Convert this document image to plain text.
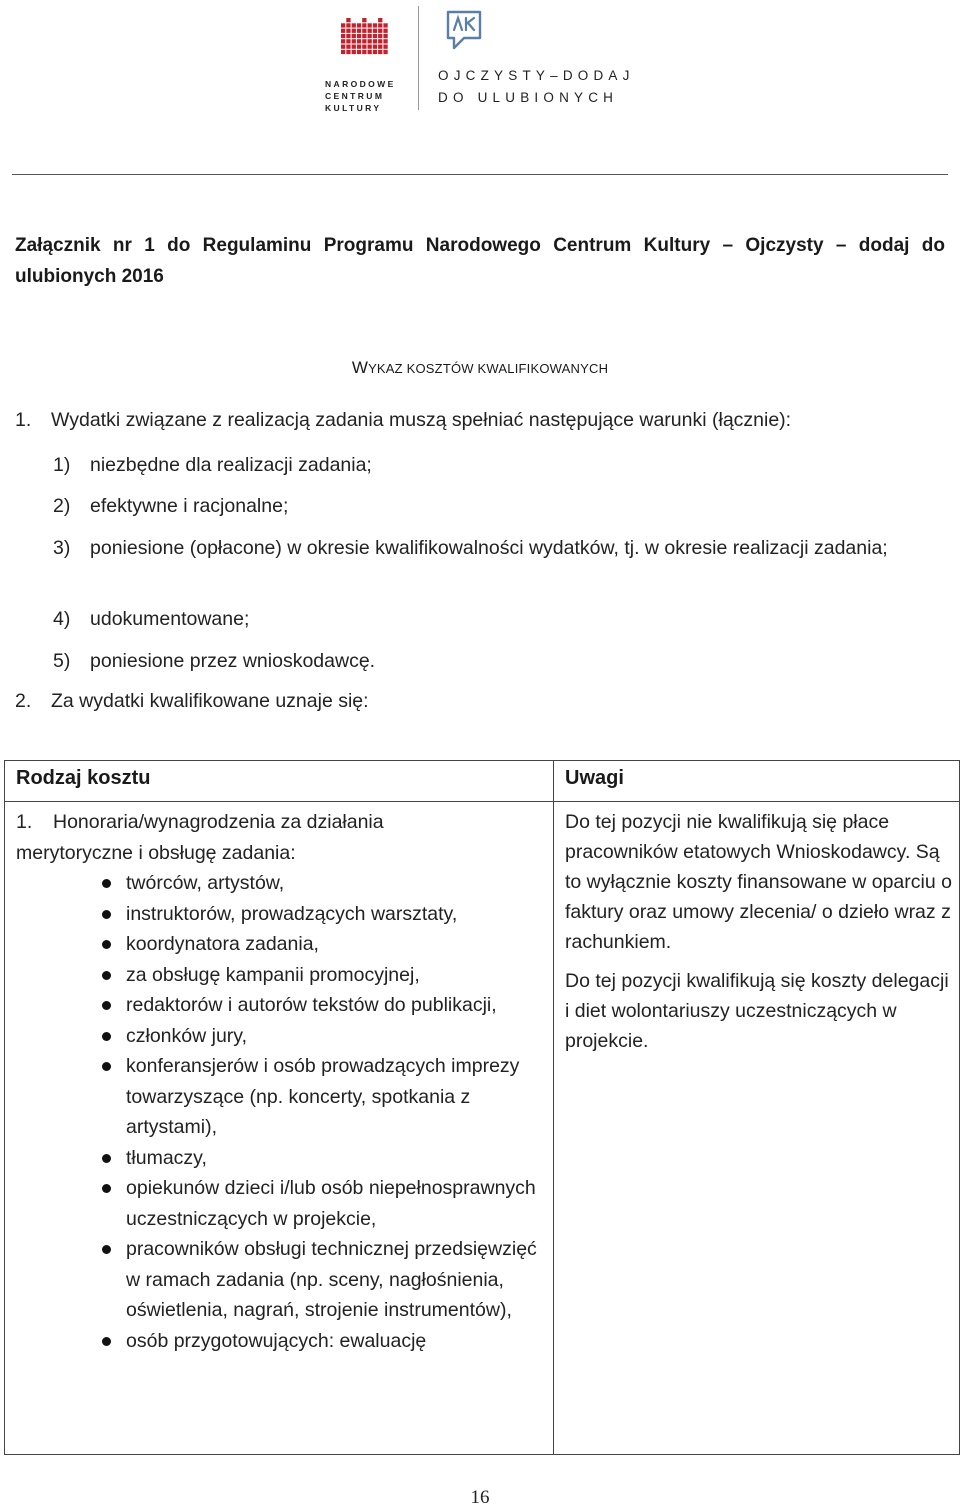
NARODOWE
CENTRUM
KULTURY
OJCZYSTY–DODAJ
DO ULUBIONYCH
Załącznik nr 1 do Regulaminu Programu Narodowego Centrum Kultury – Ojczysty – dodaj do ulubionych 2016
WYKAZ KOSZTÓW KWALIFIKOWANYCH
1. Wydatki związane z realizacją zadania muszą spełniać następujące warunki (łącznie):
1) niezbędne dla realizacji zadania;
2) efektywne i racjonalne;
3) poniesione (opłacone) w okresie kwalifikowalności wydatków, tj. w okresie realizacji zadania;
4) udokumentowane;
5) poniesione przez wnioskodawcę.
2. Za wydatki kwalifikowane uznaje się:
Rodzaj kosztu	Uwagi
1. Honoraria/wynagrodzenia za działania
merytoryczne i obsługę zadania:
twórców, artystów,
instruktorów, prowadzących warsztaty,
koordynatora zadania,
za obsługę kampanii promocyjnej,
redaktorów i autorów tekstów do publikacji,
członków jury,
konferansjerów i osób prowadzących imprezy towarzyszące (np. koncerty, spotkania z artystami),
tłumaczy,
opiekunów dzieci i/lub osób niepełnosprawnych uczestniczących w projekcie,
pracowników obsługi technicznej przedsięwzięć w ramach zadania (np. sceny, nagłośnienia, oświetlenia, nagrań, strojenie instrumentów),
osób przygotowujących: ewaluację

Do tej pozycji nie kwalifikują się płace pracowników etatowych Wnioskodawcy. Są to wyłącznie koszty finansowane w oparciu o faktury oraz umowy zlecenia/ o dzieło wraz z rachunkiem.

Do tej pozycji kwalifikują się koszty delegacji i diet wolontariuszy uczestniczących w projekcie.

16
